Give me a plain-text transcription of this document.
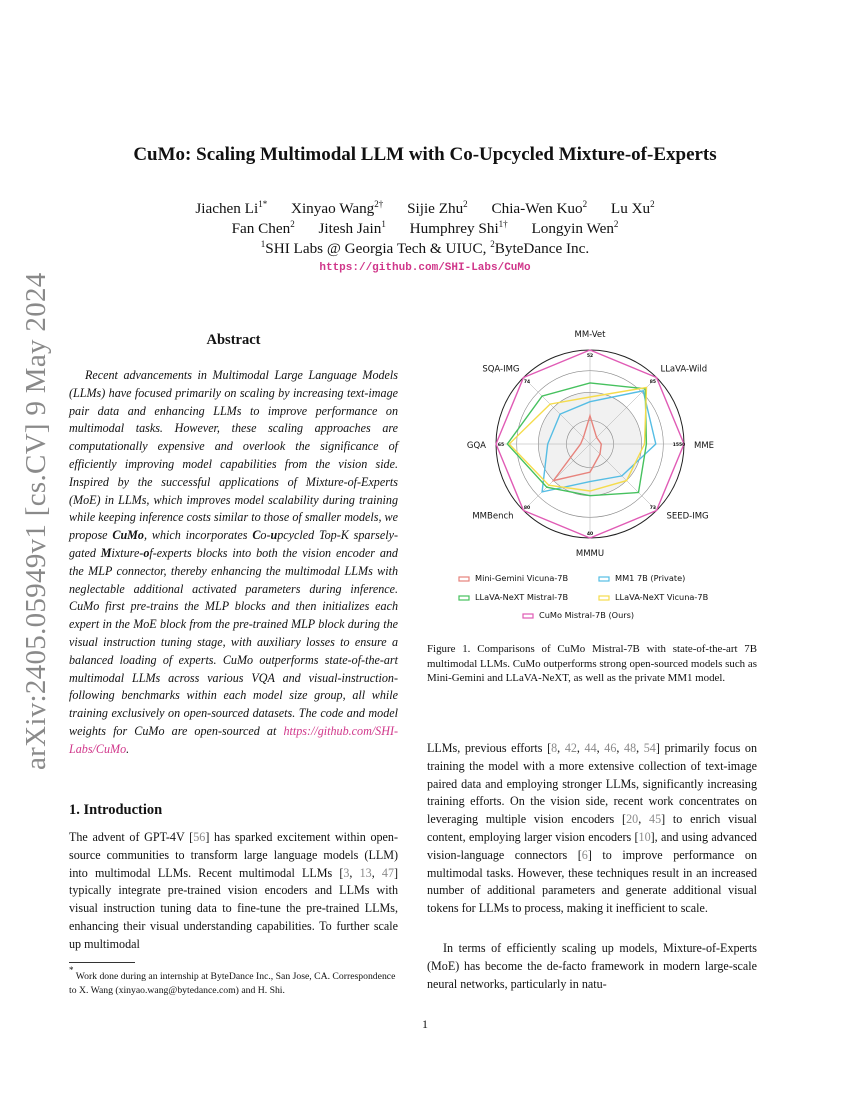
arXiv:2405.05949v1 [cs.CV] 9 May 2024
CuMo: Scaling Multimodal LLM with Co-Upcycled Mixture-of-Experts
Jiachen $Li^{1*}$ Xinyao Wang$^{2\dagger}$ Sijie Zhu$^2$ Chia-Wen Kuo$^2$ Lu Xu$^2$
Fan Chen$^2$ Jitesh Jain$^1$ Humphrey Shi$^{1\dagger}$ Longyin Wen$^2$
$^1$SHI Labs @ Georgia Tech & UIUC, $^2$ByteDance Inc.
https://github.com/SHI-Labs/CuMo
Abstract
Recent advancements in Multimodal Large Language Models (LLMs) have focused primarily on scaling by increasing text-image pair data and enhancing LLMs to improve performance on multimodal tasks. However, these scaling approaches are computationally expensive and overlook the significance of efficiently improving model capabilities from the vision side. Inspired by the successful applications of Mixture-of-Experts (MoE) in LLMs, which improves model scalability during training while keeping inference costs similar to those of smaller models, we propose CuMo, which incorporates Co-upcycled Top-K sparsely-gated Mixture-of-experts blocks into both the vision encoder and the MLP connector, thereby enhancing the multimodal LLMs with neglectable additional activated parameters during inference. CuMo first pre-trains the MLP blocks and then initializes each expert in the MoE block from the pre-trained MLP block during the visual instruction tuning stage, with auxiliary losses to ensure a balanced loading of experts. CuMo outperforms state-of-the-art multimodal LLMs across various VQA and visual-instruction-following benchmarks within each model size group, all while training exclusively on open-sourced datasets. The code and model weights for CuMo are open-sourced at https://github.com/SHI-Labs/CuMo.
1. Introduction
The advent of GPT-4V [56] has sparked excitement within open-source communities to transform large language models (LLM) into multimodal LLMs. Recent multimodal LLMs [3, 13, 47] typically integrate pre-trained vision encoders and LLMs with visual instruction tuning data to fine-tune the pre-trained LLMs, enhancing their visual understanding capabilities. To further scale up multimodal
* Work done during an internship at ByteDance Inc., San Jose, CA. Correspondence to X. Wang (xinyao.wang@bytedance.com) and H. Shi.
MM-Vet
52
LLaVA-Wild
85
MME
1550
SEED-IMG
73
MMMU
40
MMBench
80
GQA	65
SQA-IMG
74
Mini-Gemini Vicuna-7B	MM1 7B (Private)
LLaVA-NeXT Mistral-7B	LLaVA-NeXT Vicuna-7B
CuMo Mistral-7B (Ours)
Figure 1. Comparisons of CuMo Mistral-7B with state-of-the-art 7B multimodal LLMs. CuMo outperforms strong open-sourced models such as Mini-Gemini and LLaVA-NeXT, as well as the private MM1 model.
LLMs, previous efforts [8, 42, 44, 46, 48, 54] primarily focus on training the model with a more extensive collection of text-image paired data and employing stronger LLMs, significantly increasing training efforts. On the vision side, recent work concentrates on leveraging multiple vision encoders [20, 45] to enrich visual content, employing larger vision encoders [10], and using advanced vision-language connectors [6] to improve performance on multimodal tasks. However, these techniques result in an increased number of additional parameters and generate additional visual tokens for LLMs to process, making it inefficient to scale.
In terms of efficiently scaling up models, Mixture-of-Experts (MoE) has become the de-facto framework in modern large-scale neural networks, particularly in natu-
1
